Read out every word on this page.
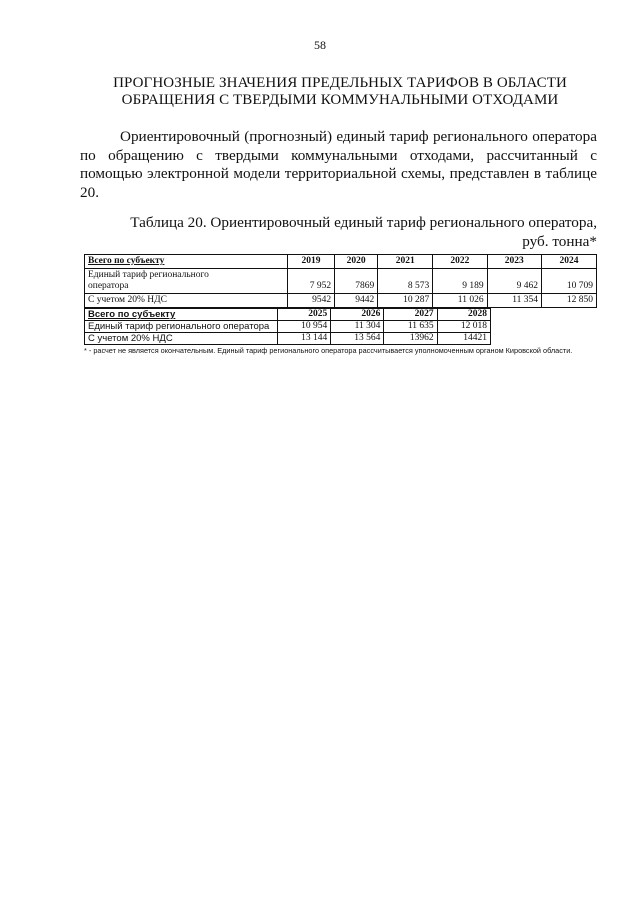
58
ПРОГНОЗНЫЕ ЗНАЧЕНИЯ ПРЕДЕЛЬНЫХ ТАРИФОВ В ОБЛАСТИ
ОБРАЩЕНИЯ С ТВЕРДЫМИ КОММУНАЛЬНЫМИ ОТХОДАМИ
Ориентировочный (прогнозный) единый тариф регионального оператора по обращению с твердыми коммунальными отходами, рассчитанный с помощью электронной модели территориальной схемы, представлен в таблице 20.
Таблица 20. Ориентировочный единый тариф регионального оператора,
руб. тонна*
Всего по субъекту	2019	2020	2021	2022	2023	2024
Единый тариф регионального
оператора	7 952	7869	8 573	9 189	9 462	10 709
С учетом 20% НДС	9542	9442	10 287	11 026	11 354	12 850
Всего по субъекту	2025	2026	2027	2028
Единый тариф регионального оператора	10 954	11 304	11 635	12 018
С учетом 20% НДС	13 144	13 564	13962	14421
* - расчет не является окончательным. Единый тариф регионального оператора рассчитывается уполномоченным органом Кировской области.
